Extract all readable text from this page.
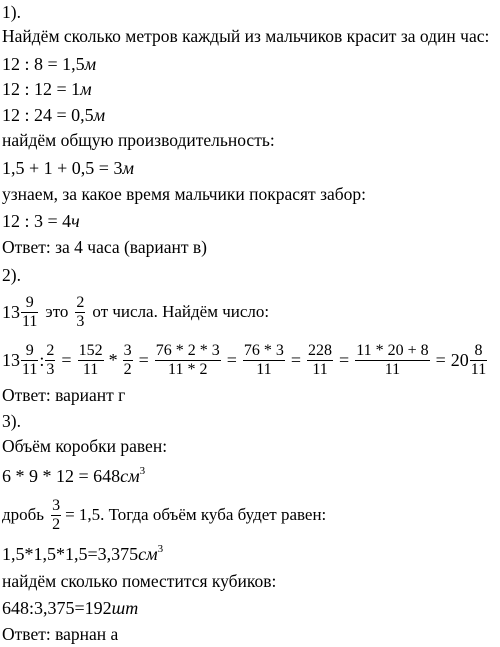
1).
Найдём сколько метров каждый из мальчиков красит за один час:
12 : 8 = 1,5м
12 : 12 = 1м
12 : 24 = 0,5м
найдём общую производительность:
1,5 + 1 + 0,5 = 3м
узнаем, за какое время мальчики покрасят забор:
12 : 3 = 4ч
Ответ: за 4 часа (вариант в)
2).
$13 \frac{9}{11}$ это $\frac{2}{3}$ от числа. Найдём число:
$13 \frac{9}{11}$ : $\frac{2}{3} = \frac{152}{11} * \frac{3}{2} = \frac{76 * 2 * 3}{11 * 2} = \frac{76 * 3}{11} = \frac{228}{11} = \frac{11 * 20 + 8}{11} = 20 \frac{8}{11}$
Ответ: вариант г
3).
Объём коробки равен:
$6 * 9 * 12 = 648см^3$
дробь $\frac{3}{2} = 1,5$. Тогда объём куба будет равен:
$1,5*1,5*1,5=3,375см^3$
найдём сколько поместится кубиков:
648:3,375=192шт
Ответ: варнан а
